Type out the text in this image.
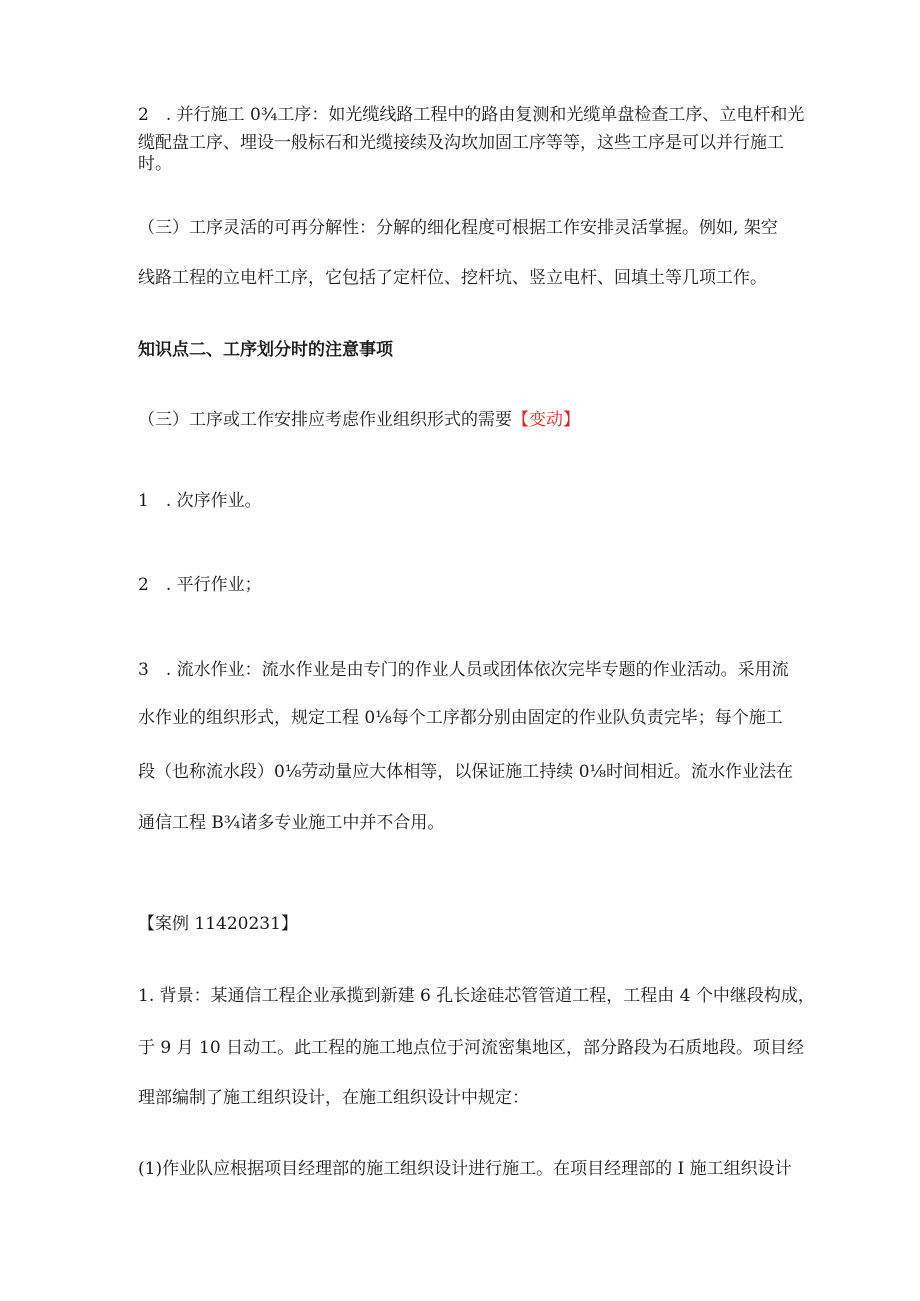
2　. 并行施工 0¾工序：如光缆线路工程中的路由复测和光缆单盘检查工序、立电杆和光

缆配盘工序、埋设一般标石和光缆接续及沟坎加固工序等等，这些工序是可以并行施工

时。

（三）工序灵活的可再分解性：分解的细化程度可根据工作安排灵活掌握。例如, 架空

线路工程的立电杆工序，它包括了定杆位、挖杆坑、竖立电杆、回填土等几项工作。

知识点二、工序划分时的注意事项

（三）工序或工作安排应考虑作业组织形式的需要【变动】

1　. 次序作业。

2　. 平行作业；

3　. 流水作业：流水作业是由专门的作业人员或团体依次完毕专题的作业活动。采用流

水作业的组织形式，规定工程 0⅛每个工序都分别由固定的作业队负责完毕；每个施工

段（也称流水段）0⅛劳动量应大体相等，以保证施工持续 0⅛时间相近。流水作业法在

通信工程 B¾诸多专业施工中并不合用。

【案例 11420231】

1. 背景：某通信工程企业承揽到新建 6 孔长途硅芯管管道工程，工程由 4 个中继段构成，

于 9 月 10 日动工。此工程的施工地点位于河流密集地区，部分路段为石质地段。项目经

理部编制了施工组织设计，在施工组织设计中规定：

(1)作业队应根据项目经理部的施工组织设计进行施工。在项目经理部的 I 施工组织设计
